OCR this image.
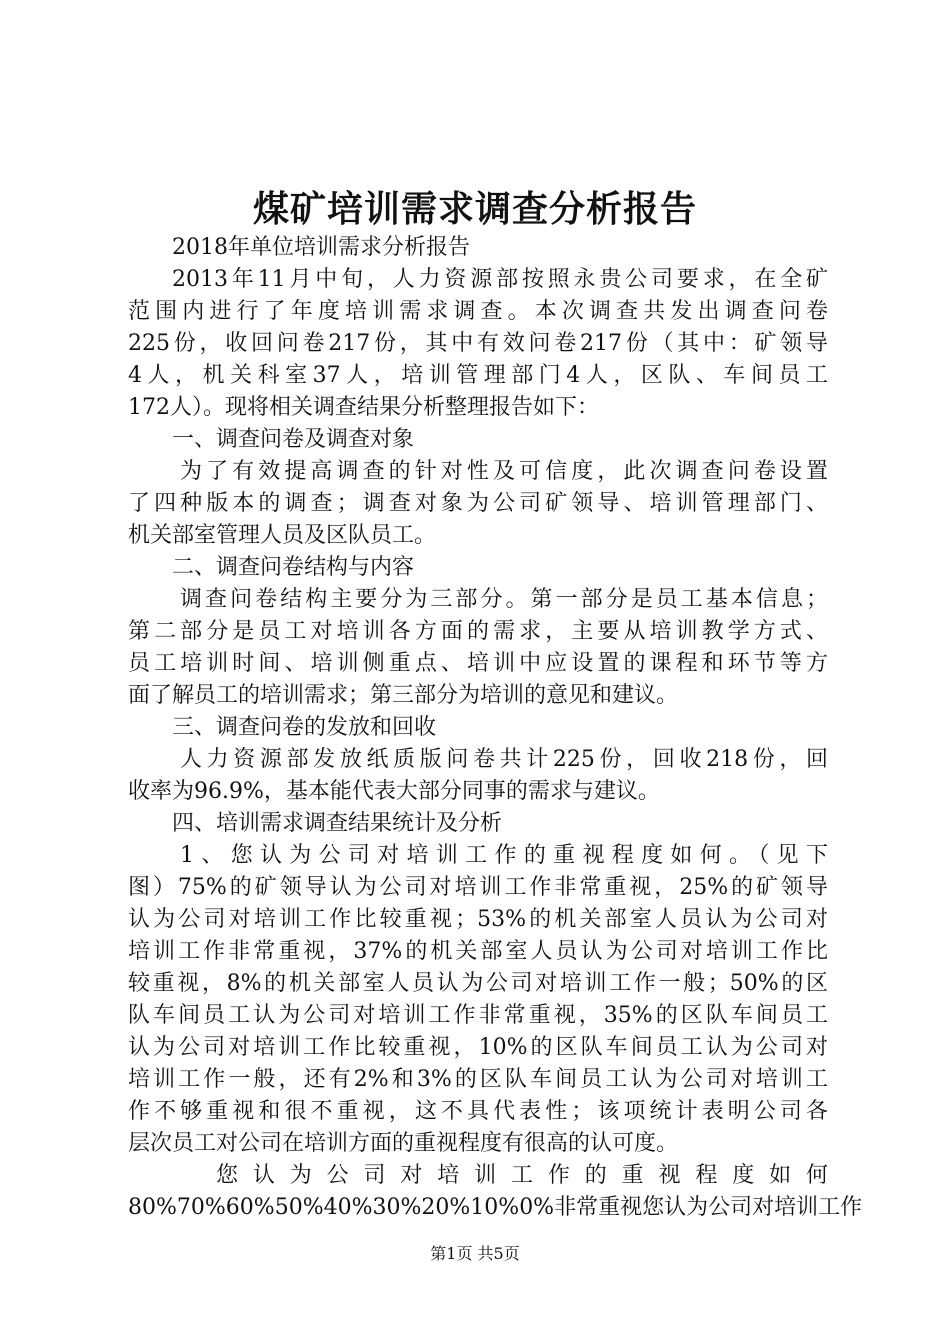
煤矿培训需求调查分析报告
2018年单位培训需求分析报告
2013年11月中旬，人力资源部按照永贵公司要求，在全矿
范围内进行了年度培训需求调查。本次调查共发出调查问卷
225份，收回问卷217份，其中有效问卷217份（其中：矿领导
4人，机关科室37人，培训管理部门4人，区队、车间员工
172人）。现将相关调查结果分析整理报告如下：
一、调查问卷及调查对象
为了有效提高调查的针对性及可信度，此次调查问卷设置
了四种版本的调查；调查对象为公司矿领导、培训管理部门、
机关部室管理人员及区队员工。
二、调查问卷结构与内容
调查问卷结构主要分为三部分。第一部分是员工基本信息；
第二部分是员工对培训各方面的需求，主要从培训教学方式、
员工培训时间、培训侧重点、培训中应设置的课程和环节等方
面了解员工的培训需求；第三部分为培训的意见和建议。
三、调查问卷的发放和回收
人力资源部发放纸质版问卷共计225份，回收218份，回
收率为96.9%，基本能代表大部分同事的需求与建议。
四、培训需求调查结果统计及分析
1、您认为公司对培训工作的重视程度如何。（见下
图）75%的矿领导认为公司对培训工作非常重视，25%的矿领导
认为公司对培训工作比较重视；53%的机关部室人员认为公司对
培训工作非常重视，37%的机关部室人员认为公司对培训工作比
较重视，8%的机关部室人员认为公司对培训工作一般；50%的区
队车间员工认为公司对培训工作非常重视，35%的区队车间员工
认为公司对培训工作比较重视，10%的区队车间员工认为公司对
培训工作一般，还有2%和3%的区队车间员工认为公司对培训工
作不够重视和很不重视，这不具代表性；该项统计表明公司各
层次员工对公司在培训方面的重视程度有很高的认可度。
您认为公司对培训工作的重视程度如何
80%70%60%50%40%30%20%10%0%非常重视您认为公司对培训工作
第1页 共5页
